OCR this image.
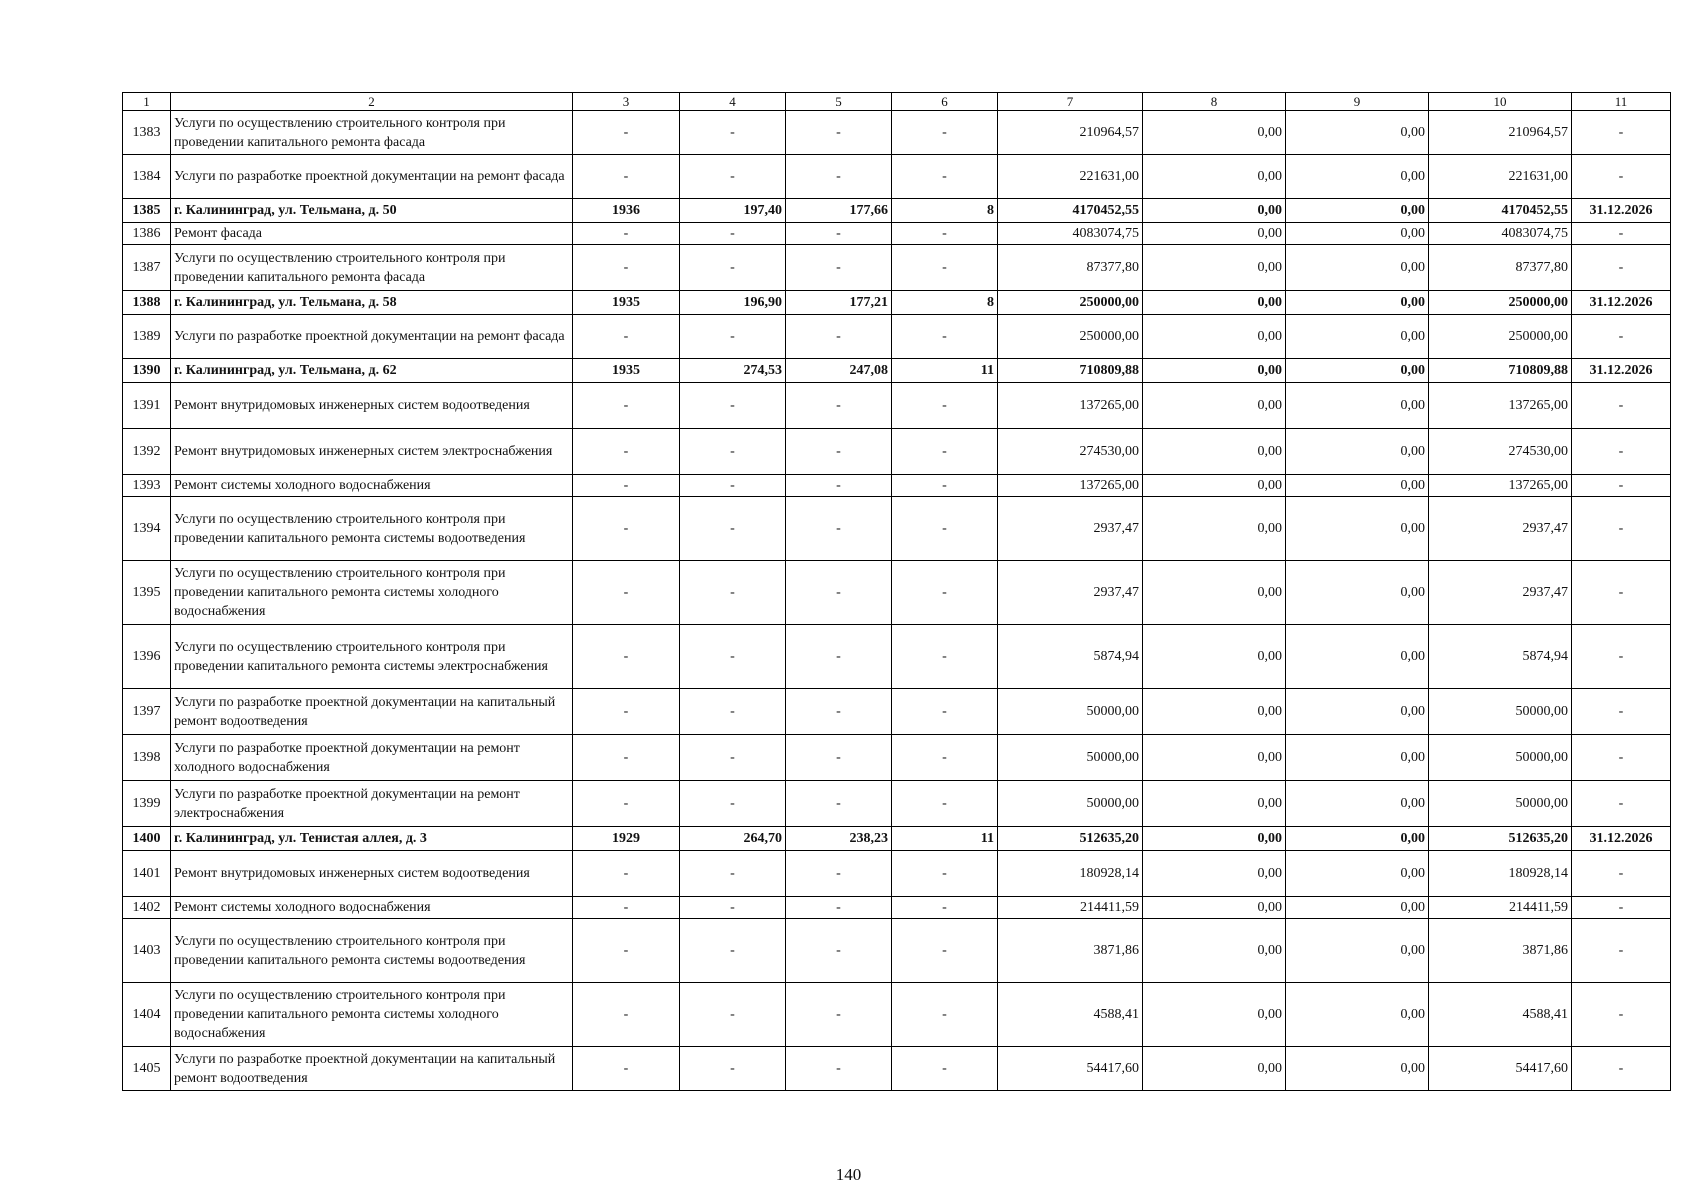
1	2	3	4	5	6	7	8	9	10	11
1383	Услуги по осуществлению строительного контроля при проведении капитального ремонта фасада	-	-	-	-	210964,57	0,00	0,00	210964,57	-
1384	Услуги по разработке проектной документации на ремонт фасада	-	-	-	-	221631,00	0,00	0,00	221631,00	-
1385	г. Калининград, ул. Тельмана, д. 50	1936	197,40	177,66	8	4170452,55	0,00	0,00	4170452,55	31.12.2026
1386	Ремонт фасада	-	-	-	-	4083074,75	0,00	0,00	4083074,75	-
1387	Услуги по осуществлению строительного контроля при проведении капитального ремонта фасада	-	-	-	-	87377,80	0,00	0,00	87377,80	-
1388	г. Калининград, ул. Тельмана, д. 58	1935	196,90	177,21	8	250000,00	0,00	0,00	250000,00	31.12.2026
1389	Услуги по разработке проектной документации на ремонт фасада	-	-	-	-	250000,00	0,00	0,00	250000,00	-
1390	г. Калининград, ул. Тельмана, д. 62	1935	274,53	247,08	11	710809,88	0,00	0,00	710809,88	31.12.2026
1391	Ремонт внутридомовых инженерных систем водоотведения	-	-	-	-	137265,00	0,00	0,00	137265,00	-
1392	Ремонт внутридомовых инженерных систем электроснабжения	-	-	-	-	274530,00	0,00	0,00	274530,00	-
1393	Ремонт системы холодного водоснабжения	-	-	-	-	137265,00	0,00	0,00	137265,00	-
1394	Услуги по осуществлению строительного контроля при проведении капитального ремонта системы водоотведения	-	-	-	-	2937,47	0,00	0,00	2937,47	-
1395	Услуги по осуществлению строительного контроля при проведении капитального ремонта системы холодного водоснабжения	-	-	-	-	2937,47	0,00	0,00	2937,47	-
1396	Услуги по осуществлению строительного контроля при проведении капитального ремонта системы электроснабжения	-	-	-	-	5874,94	0,00	0,00	5874,94	-
1397	Услуги по разработке проектной документации на капитальный ремонт водоотведения	-	-	-	-	50000,00	0,00	0,00	50000,00	-
1398	Услуги по разработке проектной документации на ремонт холодного водоснабжения	-	-	-	-	50000,00	0,00	0,00	50000,00	-
1399	Услуги по разработке проектной документации на ремонт электроснабжения	-	-	-	-	50000,00	0,00	0,00	50000,00	-
1400	г. Калининград, ул. Тенистая аллея, д. 3	1929	264,70	238,23	11	512635,20	0,00	0,00	512635,20	31.12.2026
1401	Ремонт внутридомовых инженерных систем водоотведения	-	-	-	-	180928,14	0,00	0,00	180928,14	-
1402	Ремонт системы холодного водоснабжения	-	-	-	-	214411,59	0,00	0,00	214411,59	-
1403	Услуги по осуществлению строительного контроля при проведении капитального ремонта системы водоотведения	-	-	-	-	3871,86	0,00	0,00	3871,86	-
1404	Услуги по осуществлению строительного контроля при проведении капитального ремонта системы холодного водоснабжения	-	-	-	-	4588,41	0,00	0,00	4588,41	-
1405	Услуги по разработке проектной документации на капитальный ремонт водоотведения	-	-	-	-	54417,60	0,00	0,00	54417,60	-
140
